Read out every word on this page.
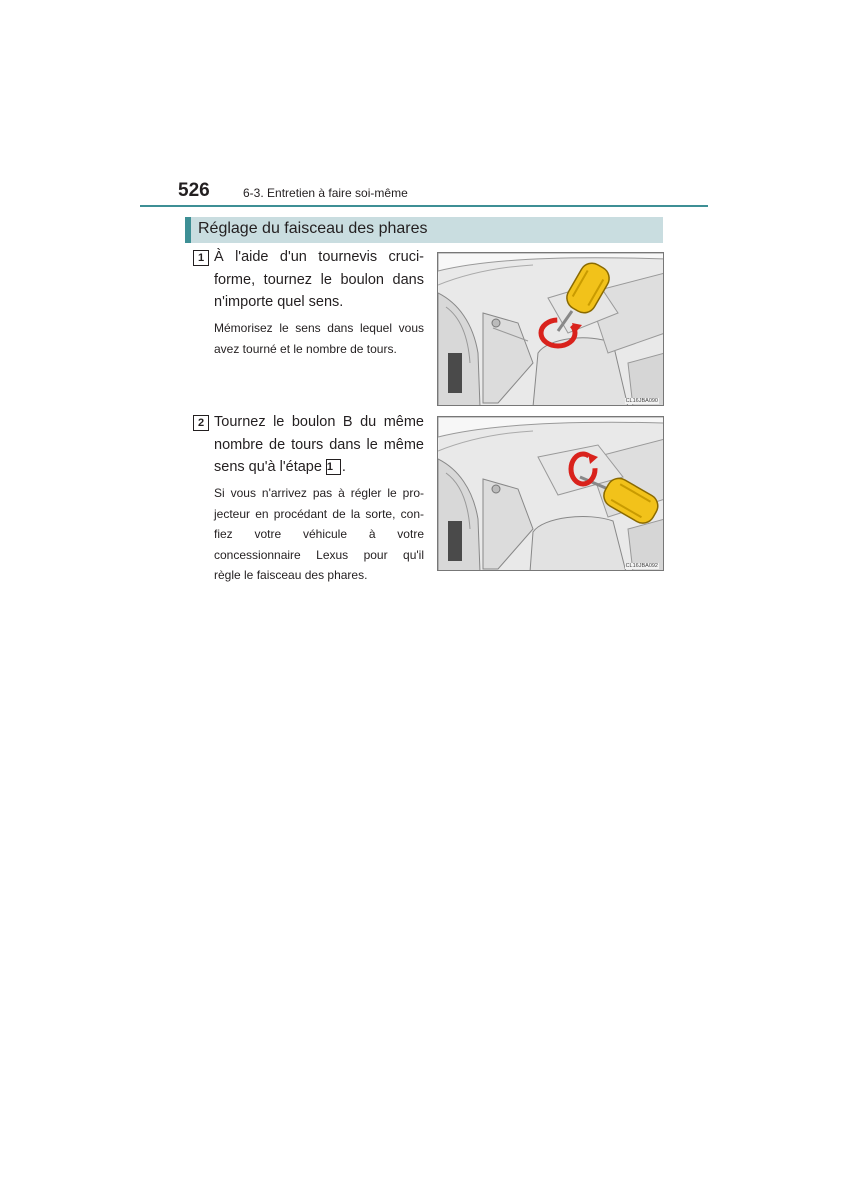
526	6-3. Entretien à faire soi-même
Réglage du faisceau des phares
1 À l'aide d'un tournevis cruci-
forme, tournez le boulon dans
n'importe quel sens.
Mémorisez le sens dans lequel vous
avez tourné et le nombre de tours.
CL16JBA090
2 Tournez le boulon B du même
nombre de tours dans le même
sens qu'à l'étape 1 .
Si vous n'arrivez pas à régler le pro-
jecteur en procédant de la sorte, con-
fiez votre véhicule à votre
concessionnaire Lexus pour qu'il
règle le faisceau des phares.
CL16JBA092
